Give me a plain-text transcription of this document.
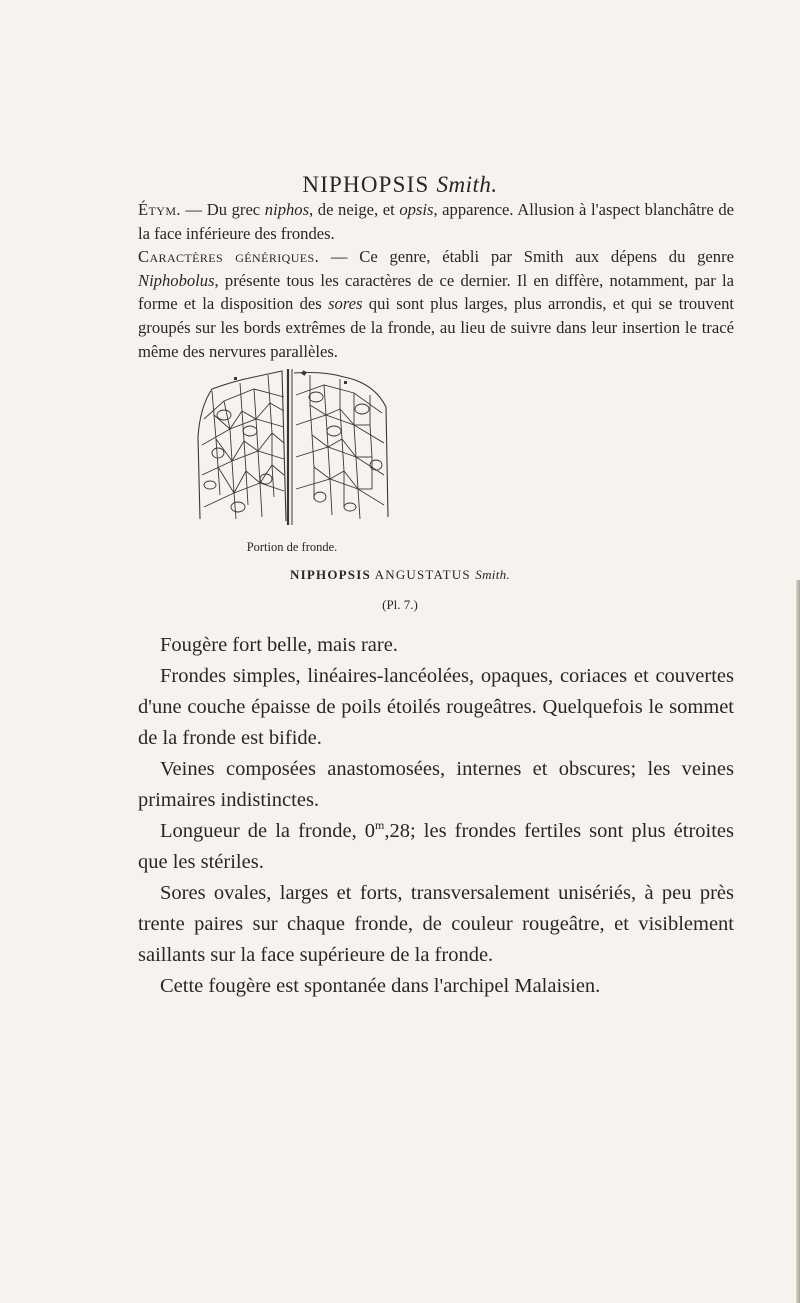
NIPHOPSIS Smith.

Étym. — Du grec niphos, de neige, et opsis, apparence. Allusion à l'aspect blanchâtre de la face inférieure des frondes.

Caractères génériques. — Ce genre, établi par Smith aux dépens du genre Niphobolus, présente tous les caractères de ce dernier. Il en diffère, notamment, par la forme et la disposition des sores qui sont plus larges, plus arrondis, et qui se trouvent groupés sur les bords extrêmes de la fronde, au lieu de suivre dans leur insertion le tracé même des nervures parallèles.

Portion de fronde.
NIPHOPSIS ANGUSTATUS Smith.
(Pl. 7.)

Fougère fort belle, mais rare.

Frondes simples, linéaires-lancéolées, opaques, coriaces et couvertes d'une couche épaisse de poils étoilés rougeâtres. Quelquefois le sommet de la fronde est bifide.

Veines composées anastomosées, internes et obscures; les veines primaires indistinctes.

Longueur de la fronde, 0$^m$,28; les frondes fertiles sont plus étroites que les stériles.

Sores ovales, larges et forts, transversalement unisériés, à peu près trente paires sur chaque fronde, de couleur rougeâtre, et visiblement saillants sur la face supérieure de la fronde.

Cette fougère est spontanée dans l'archipel Malaisien.
